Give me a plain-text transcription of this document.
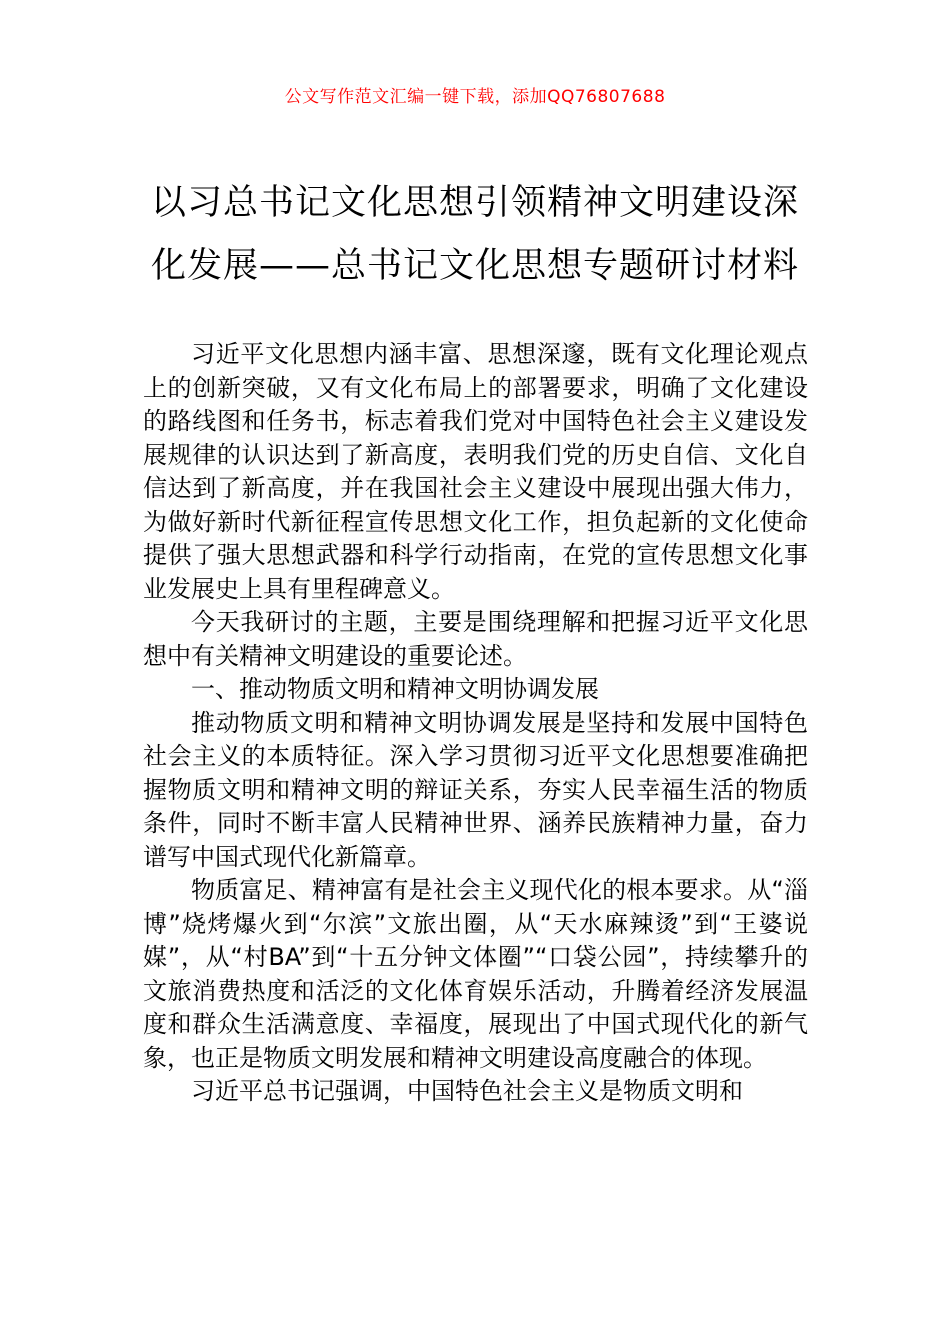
公文写作范文汇编一键下载，添加QQ76807688
以习总书记文化思想引领精神文明建设深化发展——总书记文化思想专题研讨材料

习近平文化思想内涵丰富、思想深邃，既有文化理论观点上的创新突破，又有文化布局上的部署要求，明确了文化建设的路线图和任务书，标志着我们党对中国特色社会主义建设发展规律的认识达到了新高度，表明我们党的历史自信、文化自信达到了新高度，并在我国社会主义建设中展现出强大伟力，为做好新时代新征程宣传思想文化工作，担负起新的文化使命提供了强大思想武器和科学行动指南，在党的宣传思想文化事业发展史上具有里程碑意义。

今天我研讨的主题，主要是围绕理解和把握习近平文化思想中有关精神文明建设的重要论述。

一、推动物质文明和精神文明协调发展

推动物质文明和精神文明协调发展是坚持和发展中国特色社会主义的本质特征。深入学习贯彻习近平文化思想要准确把握物质文明和精神文明的辩证关系，夯实人民幸福生活的物质条件，同时不断丰富人民精神世界、涵养民族精神力量，奋力谱写中国式现代化新篇章。

物质富足、精神富有是社会主义现代化的根本要求。从“淄博”烧烤爆火到“尔滨”文旅出圈，从“天水麻辣烫”到“王婆说媒”，从“村BA”到“十五分钟文体圈”“口袋公园”，持续攀升的文旅消费热度和活泛的文化体育娱乐活动，升腾着经济发展温度和群众生活满意度、幸福度，展现出了中国式现代化的新气象，也正是物质文明发展和精神文明建设高度融合的体现。

习近平总书记强调，中国特色社会主义是物质文明和
